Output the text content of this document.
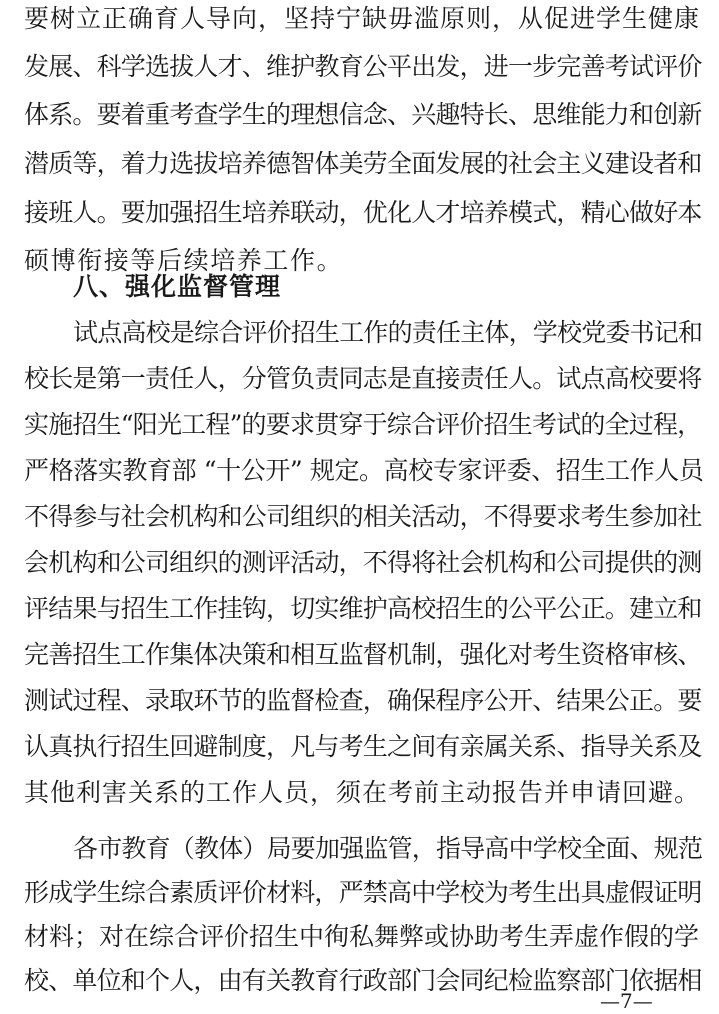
要树立正确育人导向，坚持宁缺毋滥原则，从促进学生健康
发展、科学选拔人才、维护教育公平出发，进一步完善考试评价
体系。要着重考查学生的理想信念、兴趣特长、思维能力和创新
潜质等，着力选拔培养德智体美劳全面发展的社会主义建设者和
接班人。要加强招生培养联动，优化人才培养模式，精心做好本
硕博衔接等后续培养工作。
八、强化监督管理
试点高校是综合评价招生工作的责任主体，学校党委书记和
校长是第一责任人，分管负责同志是直接责任人。试点高校要将
实施招生“阳光工程”的要求贯穿于综合评价招生考试的全过程，
严格落实教育部 “十公开” 规定。高校专家评委、招生工作人员
不得参与社会机构和公司组织的相关活动，不得要求考生参加社
会机构和公司组织的测评活动，不得将社会机构和公司提供的测
评结果与招生工作挂钩，切实维护高校招生的公平公正。建立和
完善招生工作集体决策和相互监督机制，强化对考生资格审核、
测试过程、录取环节的监督检查，确保程序公开、结果公正。要
认真执行招生回避制度，凡与考生之间有亲属关系、指导关系及
其他利害关系的工作人员，须在考前主动报告并申请回避。
各市教育（教体）局要加强监管，指导高中学校全面、规范
形成学生综合素质评价材料，严禁高中学校为考生出具虚假证明
材料；对在综合评价招生中徇私舞弊或协助考生弄虚作假的学
—7—
校、单位和个人，由有关教育行政部门会同纪检监察部门依据相
